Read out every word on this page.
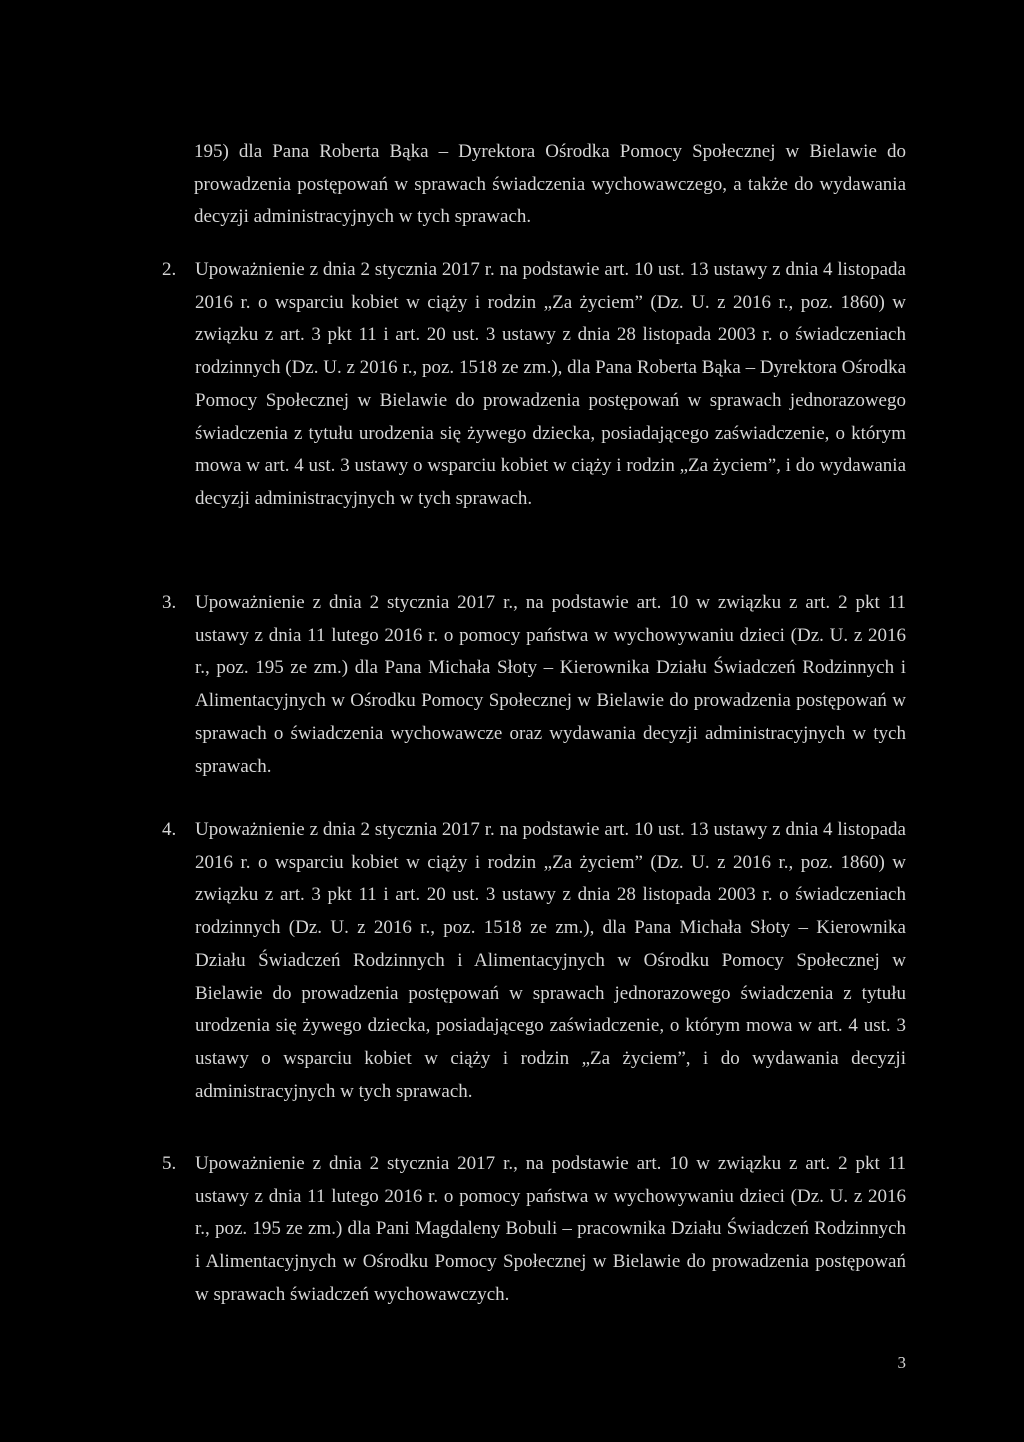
195) dla Pana Roberta Bąka – Dyrektora Ośrodka Pomocy Społecznej w Bielawie do prowadzenia postępowań w sprawach świadczenia wychowawczego, a także do wydawania decyzji administracyjnych w tych sprawach.

2. Upoważnienie z dnia 2 stycznia 2017 r. na podstawie art. 10 ust. 13 ustawy z dnia 4 listopada 2016 r. o wsparciu kobiet w ciąży i rodzin „Za życiem” (Dz. U. z 2016 r., poz. 1860) w związku z art. 3 pkt 11 i art. 20 ust. 3 ustawy z dnia 28 listopada 2003 r. o świadczeniach rodzinnych (Dz. U. z 2016 r., poz. 1518 ze zm.), dla Pana Roberta Bąka – Dyrektora Ośrodka Pomocy Społecznej w Bielawie do prowadzenia postępowań w sprawach jednorazowego świadczenia z tytułu urodzenia się żywego dziecka, posiadającego zaświadczenie, o którym mowa w art. 4 ust. 3 ustawy o wsparciu kobiet w ciąży i rodzin „Za życiem”, i do wydawania decyzji administracyjnych w tych sprawach.

3. Upoważnienie z dnia 2 stycznia 2017 r., na podstawie art. 10 w związku z art. 2 pkt 11 ustawy z dnia 11 lutego 2016 r. o pomocy państwa w wychowywaniu dzieci (Dz. U. z 2016 r., poz. 195 ze zm.) dla Pana Michała Słoty – Kierownika Działu Świadczeń Rodzinnych i Alimentacyjnych w Ośrodku Pomocy Społecznej w Bielawie do prowadzenia postępowań w sprawach o świadczenia wychowawcze oraz wydawania decyzji administracyjnych w tych sprawach.

4. Upoważnienie z dnia 2 stycznia 2017 r. na podstawie art. 10 ust. 13 ustawy z dnia 4 listopada 2016 r. o wsparciu kobiet w ciąży i rodzin „Za życiem” (Dz. U. z 2016 r., poz. 1860) w związku z art. 3 pkt 11 i art. 20 ust. 3 ustawy z dnia 28 listopada 2003 r. o świadczeniach rodzinnych (Dz. U. z 2016 r., poz. 1518 ze zm.), dla Pana Michała Słoty – Kierownika Działu Świadczeń Rodzinnych i Alimentacyjnych w Ośrodku Pomocy Społecznej w Bielawie do prowadzenia postępowań w sprawach jednorazowego świadczenia z tytułu urodzenia się żywego dziecka, posiadającego zaświadczenie, o którym mowa w art. 4 ust. 3 ustawy o wsparciu kobiet w ciąży i rodzin „Za życiem”, i do wydawania decyzji administracyjnych w tych sprawach.

5. Upoważnienie z dnia 2 stycznia 2017 r., na podstawie art. 10 w związku z art. 2 pkt 11 ustawy z dnia 11 lutego 2016 r. o pomocy państwa w wychowywaniu dzieci (Dz. U. z 2016 r., poz. 195 ze zm.) dla Pani Magdaleny Bobuli – pracownika Działu Świadczeń Rodzinnych i Alimentacyjnych w Ośrodku Pomocy Społecznej w Bielawie do prowadzenia postępowań w sprawach świadczeń wychowawczych.

3
